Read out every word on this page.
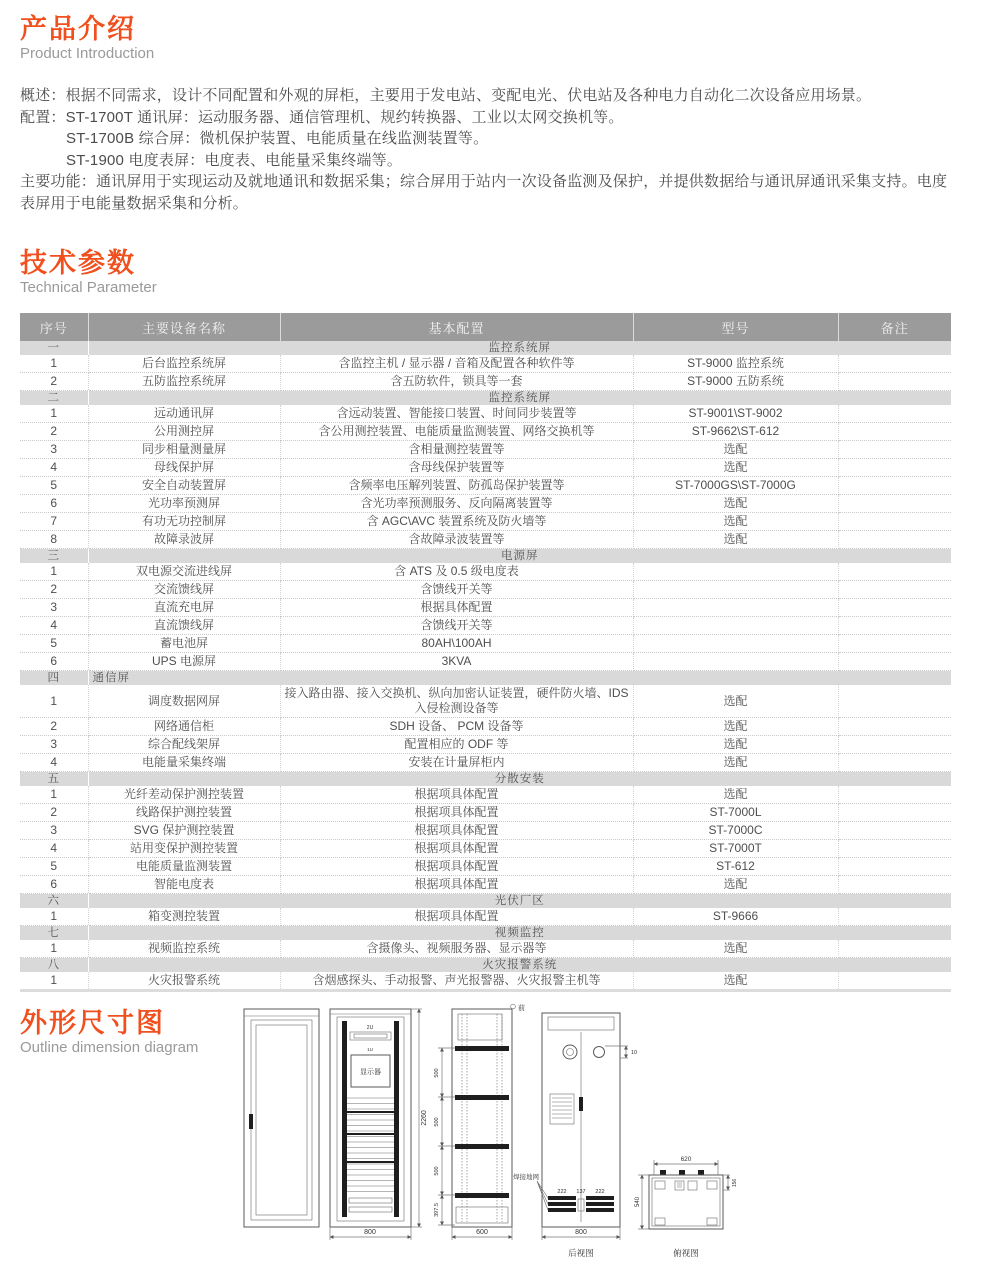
产品介绍
Product Introduction
概述：根据不同需求，设计不同配置和外观的屏柜，主要用于发电站、变配电光、伏电站及各种电力自动化二次设备应用场景。
配置：ST-1700T 通讯屏：运动服务器、通信管理机、规约转换器、工业以太网交换机等。
ST-1700B 综合屏：微机保护装置、电能质量在线监测装置等。
ST-1900 电度表屏：电度表、电能量采集终端等。
主要功能：通讯屏用于实现运动及就地通讯和数据采集；综合屏用于站内一次设备监测及保护，并提供数据给与通讯屏通讯采集支持。电度表屏用于电能量数据采集和分析。
技术参数
Technical Parameter
序号	主要设备名称	基本配置	型号	备注
一	监控系统屏			
1	后台监控系统屏	含监控主机 / 显示器 / 音箱及配置各种软件等	ST-9000 监控系统	
2	五防监控系统屏	含五防软件，锁具等一套	ST-9000 五防系统	
二	监控系统屏			
1	远动通讯屏	含远动装置、智能接口装置、时间同步装置等	ST-9001\ST-9002	
2	公用测控屏	含公用测控装置、电能质量监测装置、网络交换机等	ST-9662\ST-612	
3	同步相量测量屏	含相量测控装置等	选配	
4	母线保护屏	含母线保护装置等	选配	
5	安全自动装置屏	含频率电压解列装置、防孤岛保护装置等	ST-7000GS\ST-7000G	
6	光功率预测屏	含光功率预测服务、反向隔离装置等	选配	
7	有功无功控制屏	含 AGC\AVC 装置系统及防火墙等	选配	
8	故障录波屏	含故障录波装置等	选配	
三	电源屏			
1	双电源交流进线屏	含 ATS 及 0.5 级电度表		
2	交流馈线屏	含馈线开关等		
3	直流充电屏	根据具体配置		
4	直流馈线屏	含馈线开关等		
5	蓄电池屏	80AH\100AH		
6	UPS 电源屏	3KVA		
四	通信屏			
1	调度数据网屏	接入路由器、接入交换机、纵向加密认证装置，硬件防火墙、IDS 入侵检测设备等	选配	
2	网络通信柜	SDH 设备、 PCM 设备等	选配	
3	综合配线架屏	配置相应的 ODF 等	选配	
4	电能量采集终端	安装在计量屏柜内	选配	
五	分散安装			
1	光纤差动保护测控装置	根据项具体配置	选配	
2	线路保护测控装置	根据项具体配置	ST-7000L	
3	SVG 保护测控装置	根据项具体配置	ST-7000C	
4	站用变保护测控装置	根据项具体配置	ST-7000T	
5	电能质量监测装置	根据项具体配置	ST-612	
6	智能电度表	根据项具体配置	选配	
六	光伏厂区			
1	箱变测控装置	根据项具体配置	ST-9666	
七	视频监控			
1	视频监控系统	含摄像头、视频服务器、显示器等	选配	
八	火灾报警系统			
1	火灾报警系统	含烟感探头、手动报警、声光报警器、火灾报警主机等	选配	
外形尺寸图
Outline dimension diagram
2U
1U
显示器
2260
800
500
500
500
397.5
前
600
10
焊接地网
222 137 222
800
后视图
620
540
156
俯视图
